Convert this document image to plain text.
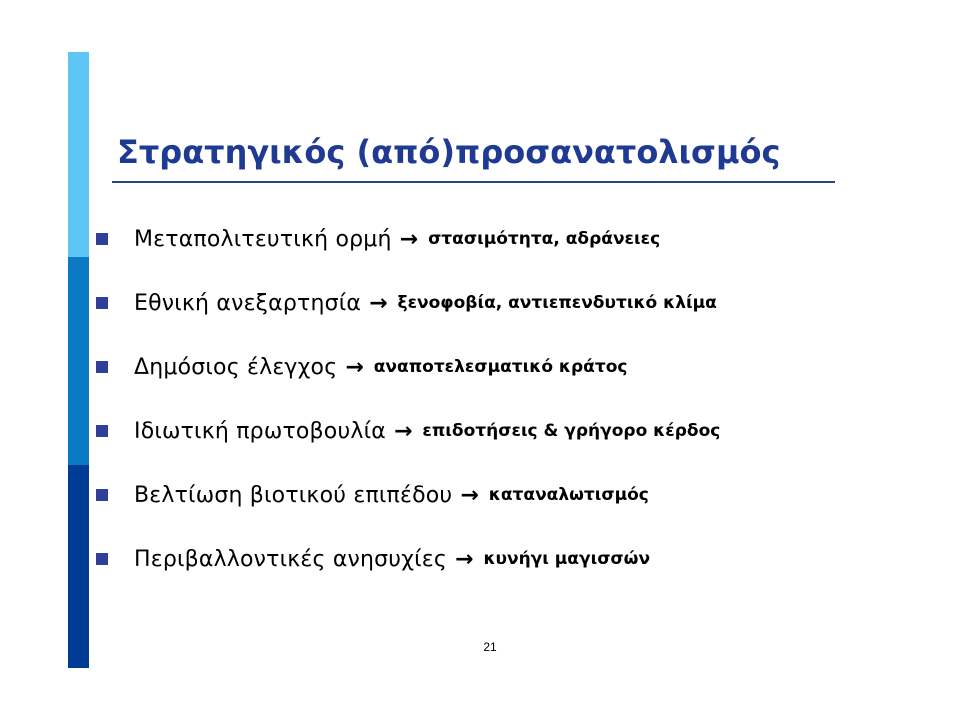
Στρατηγικός (από)προσανατολισμός
Μεταπολιτευτική ορμή → στασιμότητα, αδράνειες
Εθνική ανεξαρτησία → ξενοφοβία, αντιεπενδυτικό κλίμα
Δημόσιος έλεγχος → αναποτελεσματικό κράτος
Ιδιωτική πρωτοβουλία → επιδοτήσεις & γρήγορο κέρδος
Βελτίωση βιοτικού επιπέδου → καταναλωτισμός
Περιβαλλοντικές ανησυχίες → κυνήγι μαγισσών
21
